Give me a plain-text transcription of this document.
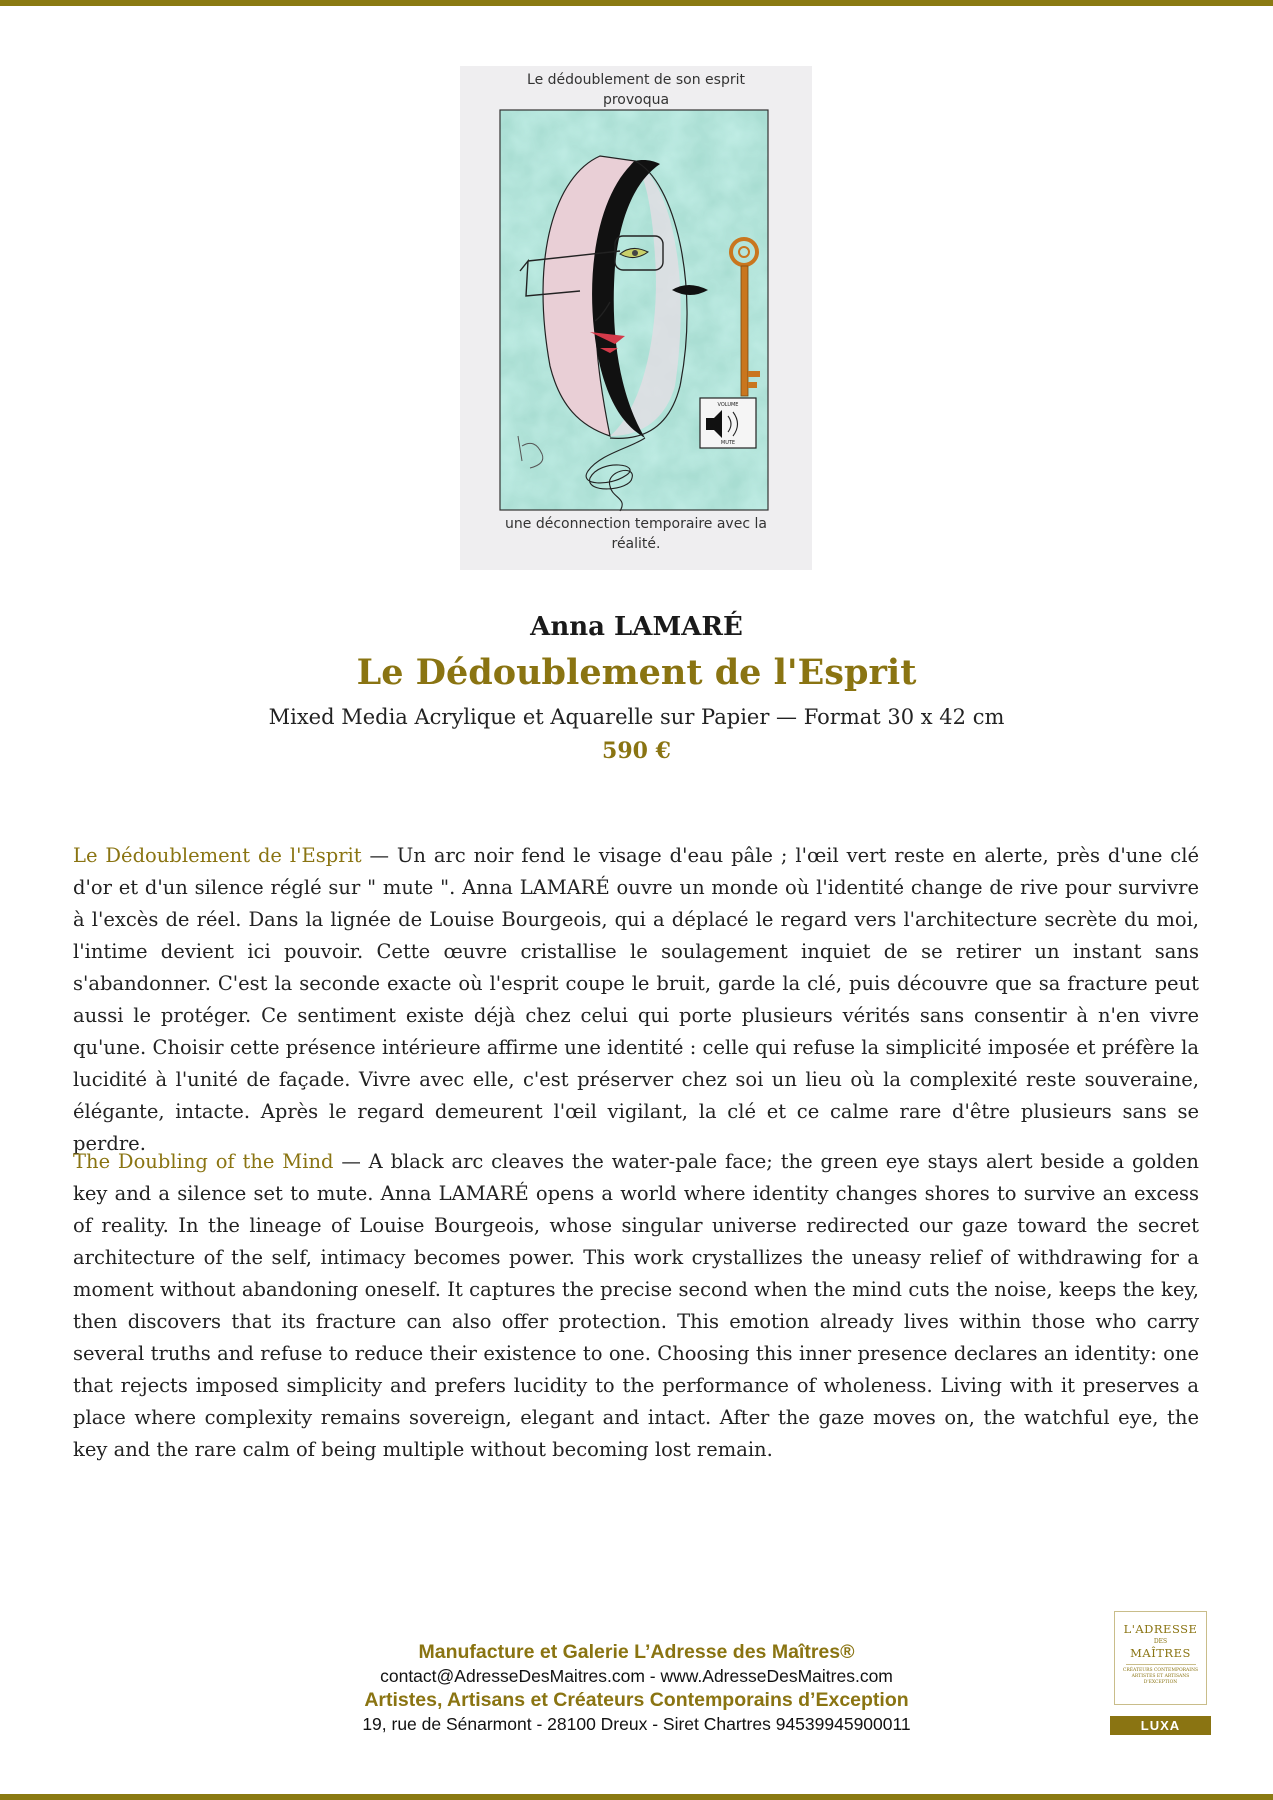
VOLUME
MUTE
Le dédoublement de son esprit
provoqua
une déconnection temporaire avec la
réalité.
Anna LAMARÉ
Le Dédoublement de l'Esprit
Mixed Media Acrylique et Aquarelle sur Papier — Format 30 x 42 cm
590 €

Le Dédoublement de l'Esprit — Un arc noir fend le visage d'eau pâle ; l'œil vert reste en alerte, près d'une clé d'or et d'un silence réglé sur " mute ". Anna LAMARÉ ouvre un monde où l'identité change de rive pour survivre à l'excès de réel. Dans la lignée de Louise Bourgeois, qui a déplacé le regard vers l'architecture secrète du moi, l'intime devient ici pouvoir. Cette œuvre cristallise le soulagement inquiet de se retirer un instant sans s'abandonner. C'est la seconde exacte où l'esprit coupe le bruit, garde la clé, puis découvre que sa fracture peut aussi le protéger. Ce sentiment existe déjà chez celui qui porte plusieurs vérités sans consentir à n'en vivre qu'une. Choisir cette présence intérieure affirme une identité : celle qui refuse la simplicité imposée et préfère la lucidité à l'unité de façade. Vivre avec elle, c'est préserver chez soi un lieu où la complexité reste souveraine, élégante, intacte. Après le regard demeurent l'œil vigilant, la clé et ce calme rare d'être plusieurs sans se perdre.

The Doubling of the Mind — A black arc cleaves the water-pale face; the green eye stays alert beside a golden key and a silence set to mute. Anna LAMARÉ opens a world where identity changes shores to survive an excess of reality. In the lineage of Louise Bourgeois, whose singular universe redirected our gaze toward the secret architecture of the self, intimacy becomes power. This work crystallizes the uneasy relief of withdrawing for a moment without abandoning oneself. It captures the precise second when the mind cuts the noise, keeps the key, then discovers that its fracture can also offer protection. This emotion already lives within those who carry several truths and refuse to reduce their existence to one. Choosing this inner presence declares an identity: one that rejects imposed simplicity and prefers lucidity to the performance of wholeness. Living with it preserves a place where complexity remains sovereign, elegant and intact. After the gaze moves on, the watchful eye, the key and the rare calm of being multiple without becoming lost remain.

Manufacture et Galerie L’Adresse des Maîtres®
contact@AdresseDesMaitres.com - www.AdresseDesMaitres.com
Artistes, Artisans et Créateurs Contemporains d’Exception
19, rue de Sénarmont - 28100 Dreux - Siret Chartres 94539945900011
L'ADRESSE
DES
MAÎTRES
CRÉATEURS CONTEMPORAINS ARTISTES ET ARTISANS D'EXCEPTION
LUXA
